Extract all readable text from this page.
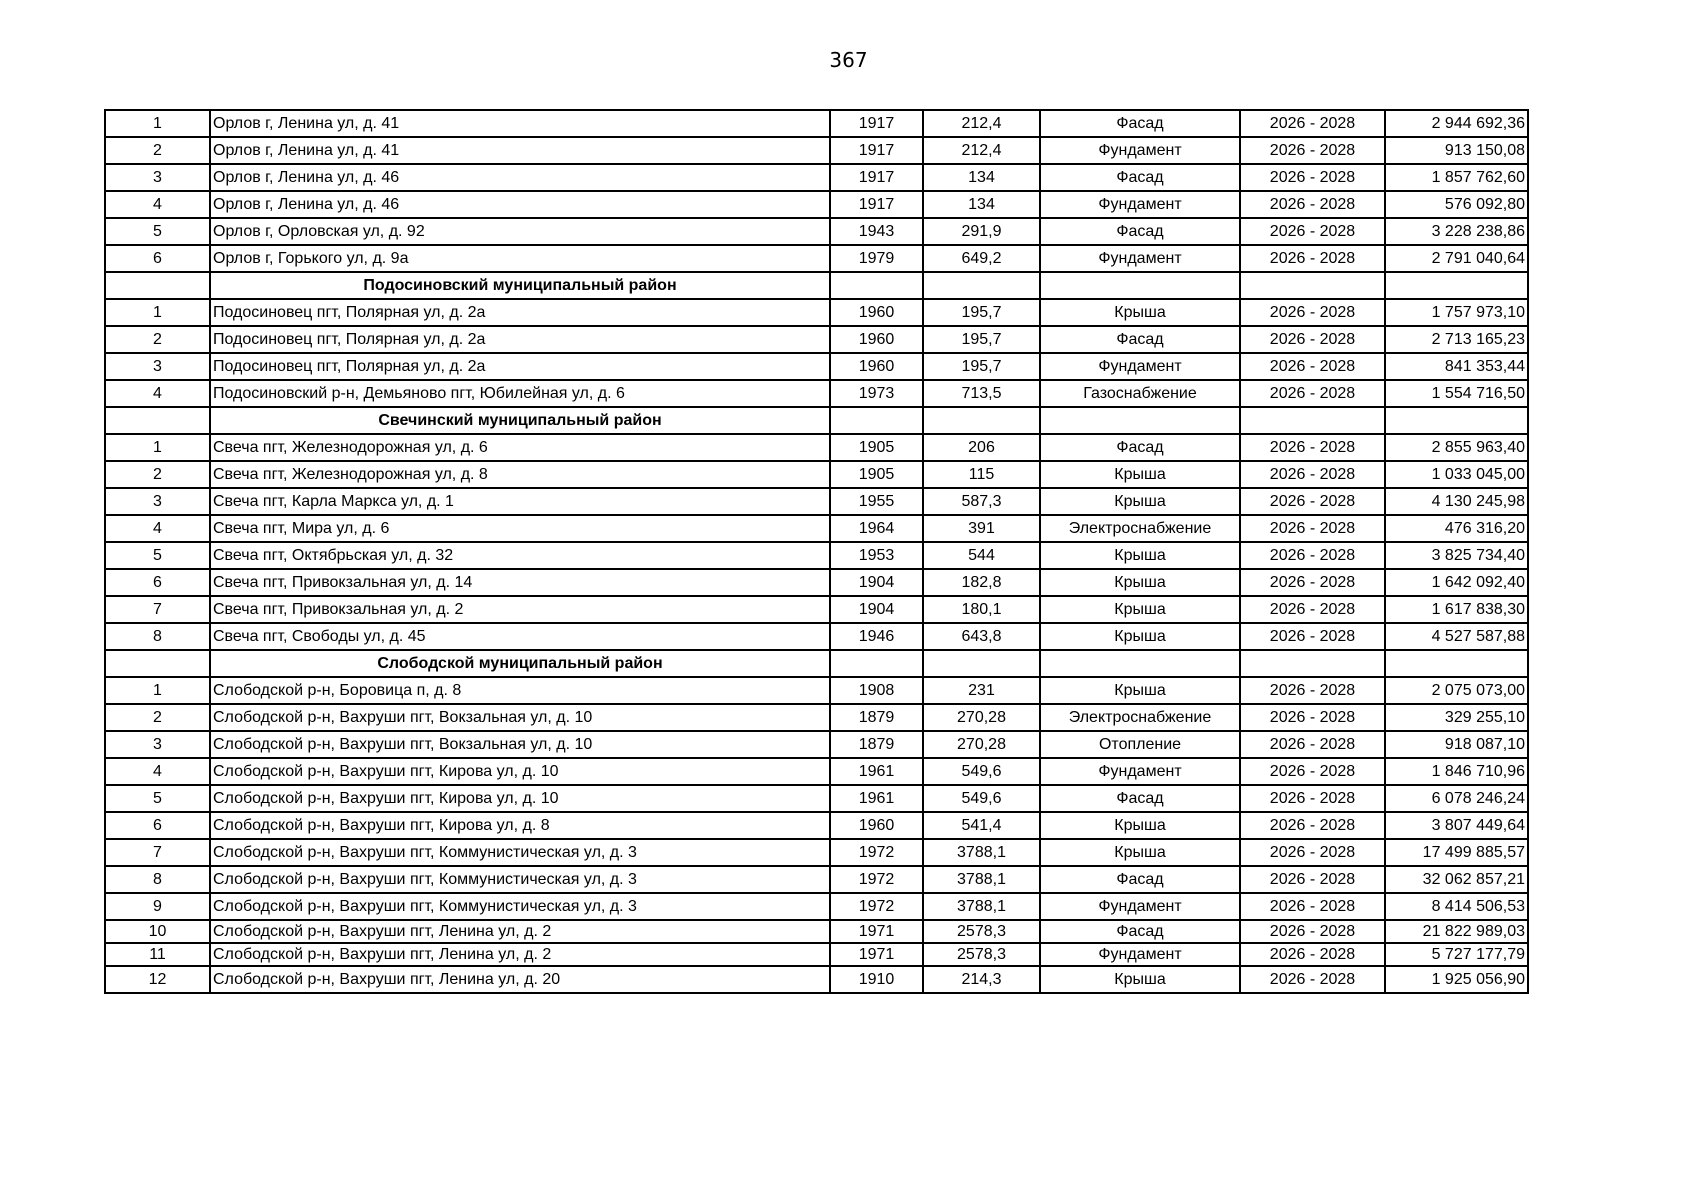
367
1	Орлов г, Ленина ул, д. 41	1917	212,4	Фасад	2026 - 2028	2 944 692,36
2	Орлов г, Ленина ул, д. 41	1917	212,4	Фундамент	2026 - 2028	913 150,08
3	Орлов г, Ленина ул, д. 46	1917	134	Фасад	2026 - 2028	1 857 762,60
4	Орлов г, Ленина ул, д. 46	1917	134	Фундамент	2026 - 2028	576 092,80
5	Орлов г, Орловская ул, д. 92	1943	291,9	Фасад	2026 - 2028	3 228 238,86
6	Орлов г, Горького ул, д. 9а	1979	649,2	Фундамент	2026 - 2028	2 791 040,64
	Подосиновский муниципальный район					
1	Подосиновец пгт, Полярная ул, д. 2а	1960	195,7	Крыша	2026 - 2028	1 757 973,10
2	Подосиновец пгт, Полярная ул, д. 2а	1960	195,7	Фасад	2026 - 2028	2 713 165,23
3	Подосиновец пгт, Полярная ул, д. 2а	1960	195,7	Фундамент	2026 - 2028	841 353,44
4	Подосиновский р-н, Демьяново пгт, Юбилейная ул, д. 6	1973	713,5	Газоснабжение	2026 - 2028	1 554 716,50
	Свечинский муниципальный район					
1	Свеча пгт, Железнодорожная ул, д. 6	1905	206	Фасад	2026 - 2028	2 855 963,40
2	Свеча пгт, Железнодорожная ул, д. 8	1905	115	Крыша	2026 - 2028	1 033 045,00
3	Свеча пгт, Карла Маркса ул, д. 1	1955	587,3	Крыша	2026 - 2028	4 130 245,98
4	Свеча пгт, Мира ул, д. 6	1964	391	Электроснабжение	2026 - 2028	476 316,20
5	Свеча пгт, Октябрьская ул, д. 32	1953	544	Крыша	2026 - 2028	3 825 734,40
6	Свеча пгт, Привокзальная ул, д. 14	1904	182,8	Крыша	2026 - 2028	1 642 092,40
7	Свеча пгт, Привокзальная ул, д. 2	1904	180,1	Крыша	2026 - 2028	1 617 838,30
8	Свеча пгт, Свободы ул, д. 45	1946	643,8	Крыша	2026 - 2028	4 527 587,88
	Слободской муниципальный район					
1	Слободской р-н, Боровица п, д. 8	1908	231	Крыша	2026 - 2028	2 075 073,00
2	Слободской р-н, Вахруши пгт, Вокзальная ул, д. 10	1879	270,28	Электроснабжение	2026 - 2028	329 255,10
3	Слободской р-н, Вахруши пгт, Вокзальная ул, д. 10	1879	270,28	Отопление	2026 - 2028	918 087,10
4	Слободской р-н, Вахруши пгт, Кирова ул, д. 10	1961	549,6	Фундамент	2026 - 2028	1 846 710,96
5	Слободской р-н, Вахруши пгт, Кирова ул, д. 10	1961	549,6	Фасад	2026 - 2028	6 078 246,24
6	Слободской р-н, Вахруши пгт, Кирова ул, д. 8	1960	541,4	Крыша	2026 - 2028	3 807 449,64
7	Слободской р-н, Вахруши пгт, Коммунистическая ул, д. 3	1972	3788,1	Крыша	2026 - 2028	17 499 885,57
8	Слободской р-н, Вахруши пгт, Коммунистическая ул, д. 3	1972	3788,1	Фасад	2026 - 2028	32 062 857,21
9	Слободской р-н, Вахруши пгт, Коммунистическая ул, д. 3	1972	3788,1	Фундамент	2026 - 2028	8 414 506,53
10	Слободской р-н, Вахруши пгт, Ленина ул, д. 2	1971	2578,3	Фасад	2026 - 2028	21 822 989,03
11	Слободской р-н, Вахруши пгт, Ленина ул, д. 2	1971	2578,3	Фундамент	2026 - 2028	5 727 177,79
12	Слободской р-н, Вахруши пгт, Ленина ул, д. 20	1910	214,3	Крыша	2026 - 2028	1 925 056,90
